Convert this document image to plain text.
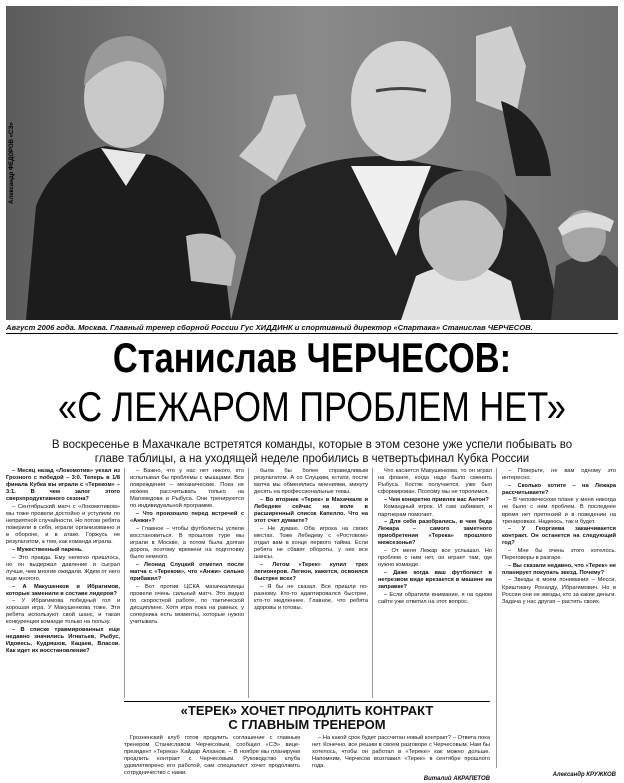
Александр ФЕДОРОВ «СЭ»
Август 2006 года. Москва. Главный тренер сборной России Гус ХИДДИНК и спортивный директор «Спартака» Станислав ЧЕРЧЕСОВ.
Станислав ЧЕРЧЕСОВ:
«С ЛЕЖАРОМ ПРОБЛЕМ НЕТ»
В воскресенье в Махачкале встретятся команды, которые в этом сезоне уже успели побывать во главе таблицы, а на уходящей неделе пробились в четвертьфинал Кубка России

– Месяц назад «Локомотив» уехал из Грозного с победой – 3:0. Теперь в 1/8 финала Кубка вы играли с «Тереком» – 3:1. В чем залог этого сверхпродуктивного сезона?

– Сентябрьский матч с «Локомотивом» мы тоже провели достойно и уступили по неприятной случайности. Но потом ребята поверили в себя, играли организованно и в обороне, и в атаке. Горжусь не результатом, а тем, как команда играла.

– Мужественный парень.

– Это правда. Ему нелегко пришлось, но он выдержал давление и сыграл лучше, чем многие ожидали. Ждем от него еще многого.

– А Макушенков и Ибрагимов, которые заменили в составе лидеров?

– У Ибрагимова победный гол и хорошая игра. У Макушенкова тоже. Эти ребята используют свой шанс, и такая конкуренция команде только на пользу.

– В списке травмированных еще недавно значились Игнатьев, Рыбус, Идовесь, Кудряшов, Кацаев, Власов. Как идет их восстановление?

– Важно, что у нас нет никого, кто испытывал бы проблемы с мышцами. Все повреждения – механические. Пока не можем рассчитывать только на Магомедова и Рыбуса. Они тренируются по индивидуальной программе.

– Что произошло перед встречей с «Анжи»?

– Главное – чтобы футболисты успели восстановиться. В прошлом туре мы играли в Москве, а потом была долгая дорога, поэтому времени на подготовку было немного.

– Леонид Слуцкий отметил после матча с «Тереком», что «Анжи» сильно прибавил?

– Вот против ЦСКА махачкалинцы провели очень сильный матч. Это видно по скоростной работе, по тактической дисциплине. Хотя игра пока на равных, у соперника есть моменты, которые нужно учитывать.

была бы более справедливым результатом. А со Слуцким, кстати, после матча мы обменялись мнениями, минуту десять на профессиональные темы.

– Во вторник «Терек» в Махачкале и Лебедеве сейчас на воле в расширенный список Капелло. Что на этот счет думаете?

– Не думаю. Оба игрока на своих местах. Тоже Лебедеву с «Ростовом» отдал вам в конце первого тайма. Если ребята не сбавят обороты, у них все шансы.

– Летом «Терек» купил трех легионеров. Легион, кажется, освоился быстрее всех?

– Я бы не сказал. Все пришли по-разному. Кто-то адаптировался быстрее, кто-то медленнее. Главное, что ребята здоровы и готовы.

Что касается Макушенкова, то он играл на фланге, когда надо было сменить Рыбуса. Костяк получается, уже был сформирован. Поэтому мы не торопимся.

– Чем конкретно привлек вас Антон?

Командный игрок. И сам забивает, и партнерам помогает.

– Для себя разобрались, в чем беда Лежара – самого заметного приобретения «Терека» прошлого межсезонья?

– От меня Лежар все услышал. Но проблем с ним нет, он играет там, где нужно команде.

– Даже когда ваш футболист в нетрезвом виде врезается в машине на заправке?

– Если обратили внимание, я на одном сайте уже ответил на этот вопрос.

– Поверьте, не вам одному это интересно.

– Сколько хотите – на Лежара рассчитываете?

– В человеческом плане у меня никогда не было с ним проблем. В последнее время нет претензий и в поведении на тренировках. Надеюсь, так и будет.

– У Георгиева заканчивается контракт. Он останется на следующий год?

– Мне бы очень этого хотелось. Переговоры в разгаре.

– Вы сказали недавно, что «Терек» не планирует покупать звезд. Почему?

– Звезды в моем понимании – Месси, Криштиану Роналду, Ибрагимович. Но в России они не звезды, кто за какие деньги. Задача у нас другая – растить своих.

«ТЕРЕК» ХОЧЕТ ПРОДЛИТЬ КОНТРАКТ
С ГЛАВНЫМ ТРЕНЕРОМ

Грозненский клуб готов продлить соглашение с главным тренером Станиславом Черчесовым, сообщил «СЭ» вице-президент «Терека» Хайдар Алханов. – В ноябре мы планируем продлить контракт с Черчесовым. Руководство клуба удовлетворено его работой, сам специалист хочет продолжить сотрудничество с нами.

– На какой срок будет рассчитан новый контракт? – Ответа пока нет. Конечно, все решим в своем разговоре с Черчесовым. Нам бы хотелось, чтобы он работал в «Тереке» как можно дольше. Напомним, Черчесов возглавил «Терек» в сентябре прошлого года.

Виталий АКРАПЕТОВ
Александр КРУЖКОВ
